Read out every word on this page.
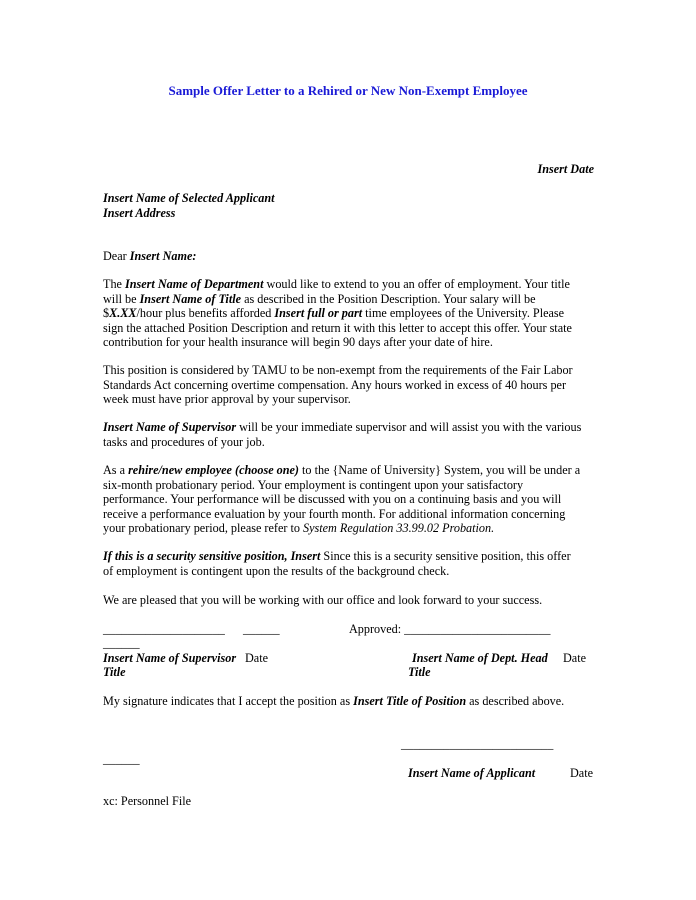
Sample Offer Letter to a Rehired or New Non-Exempt Employee
Insert Date
Insert Name of Selected Applicant
Insert Address
Dear Insert Name:
The Insert Name of Department would like to extend to you an offer of employment. Your title
will be Insert Name of Title as described in the Position Description. Your salary will be
$X.XX/hour plus benefits afforded Insert full or part time employees of the University. Please
sign the attached Position Description and return it with this letter to accept this offer. Your state
contribution for your health insurance will begin 90 days after your date of hire.
This position is considered by TAMU to be non-exempt from the requirements of the Fair Labor
Standards Act concerning overtime compensation. Any hours worked in excess of 40 hours per
week must have prior approval by your supervisor.
Insert Name of Supervisor will be your immediate supervisor and will assist you with the various
tasks and procedures of your job.
As a rehire/new employee (choose one) to the {Name of University} System, you will be under a
six-month probationary period. Your employment is contingent upon your satisfactory
performance. Your performance will be discussed with you on a continuing basis and you will
receive a performance evaluation by your fourth month. For additional information concerning
your probationary period, please refer to System Regulation 33.99.02 Probation.
If this is a security sensitive position, Insert Since this is a security sensitive position, this offer
of employment is contingent upon the results of the background check.
We are pleased that you will be working with our office and look forward to your success.
____________________ ______	Approved: ________________________
______
Insert Name of Supervisor Date
Title
Insert Name of Dept. Head Date
Title
My signature indicates that I accept the position as Insert Title of Position as described above.
_________________________
______
Insert Name of Applicant	Date
xc: Personnel File
